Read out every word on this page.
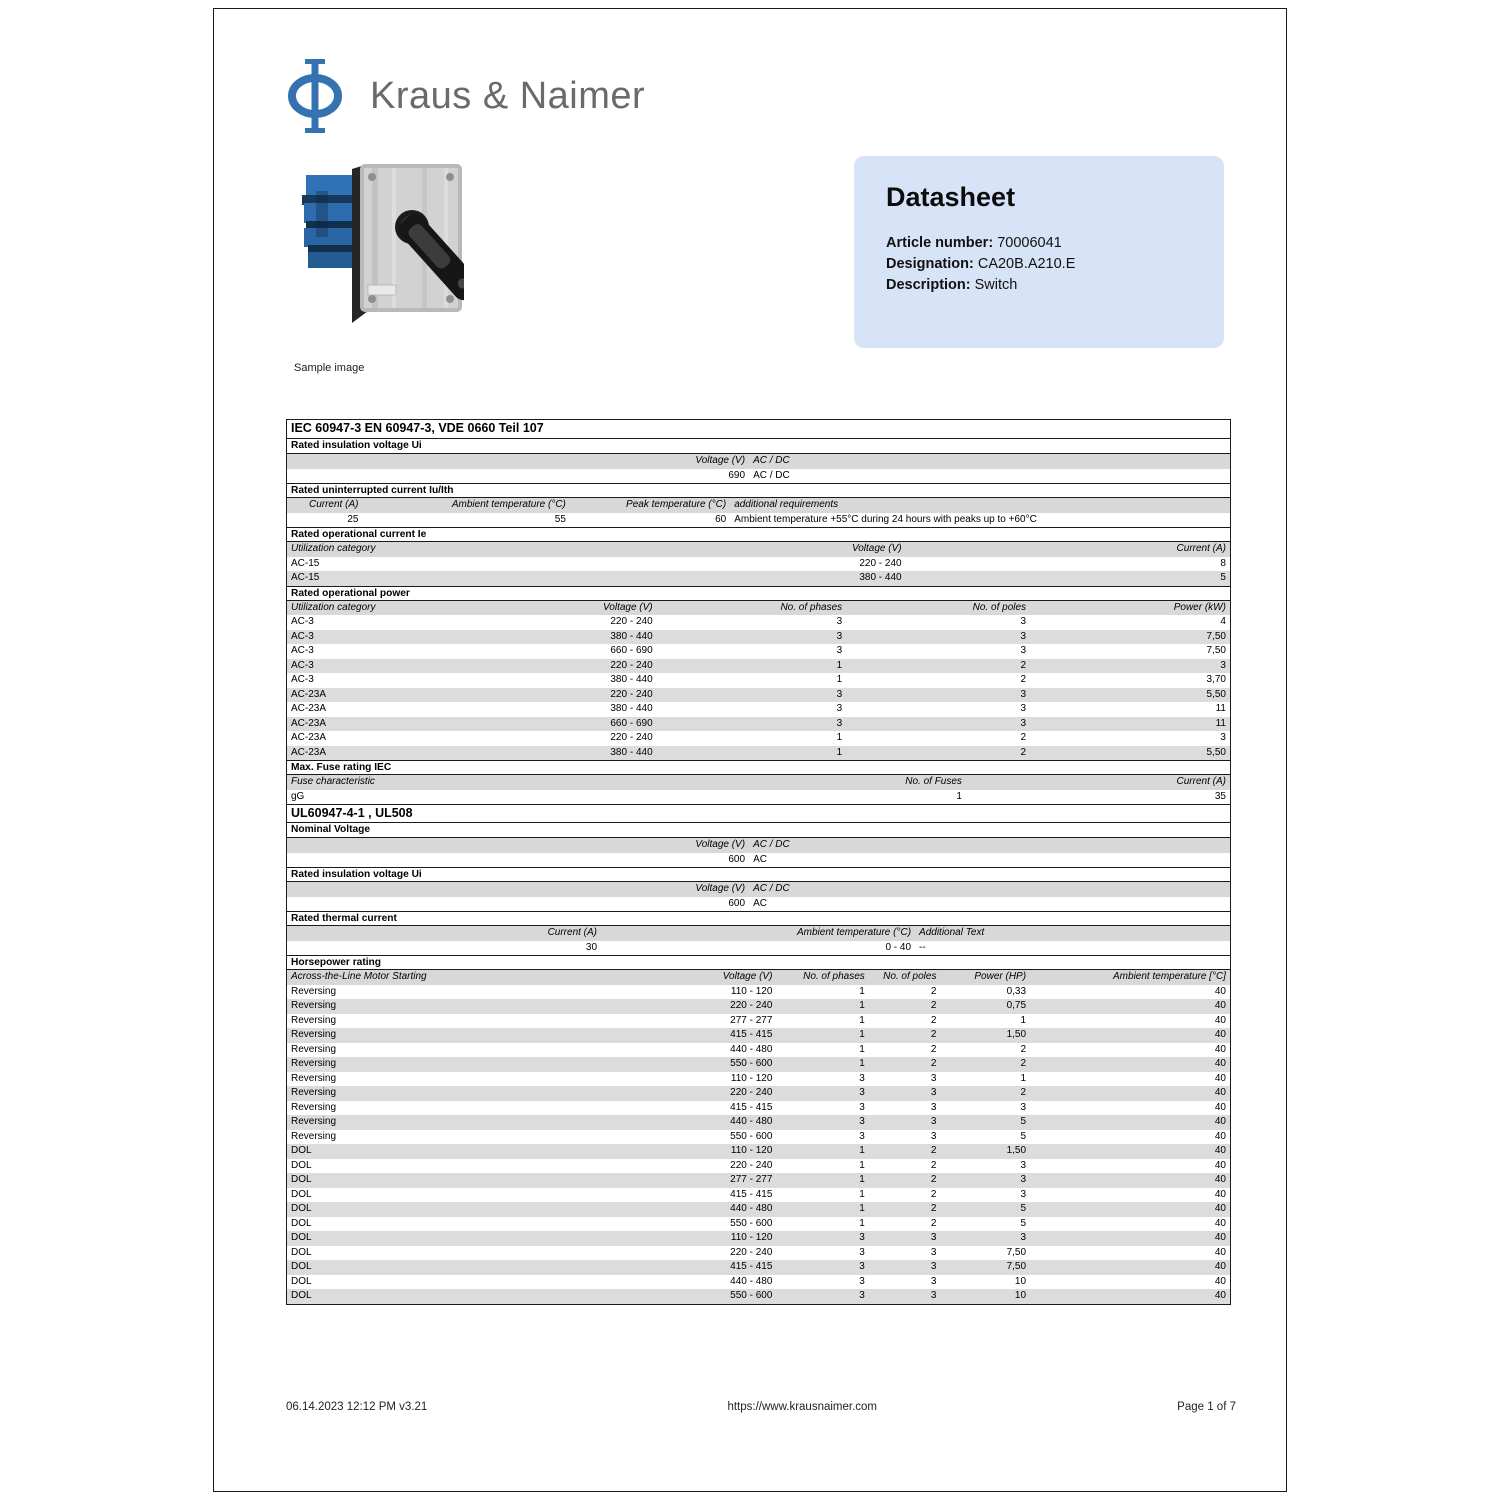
Kraus & Naimer
Sample image
Datasheet
Article number: 70006041
Designation: CA20B.A210.E
Description: Switch
IEC 60947-3 EN 60947-3, VDE 0660 Teil 107
Rated insulation voltage Ui
Voltage (V) AC / DC
690 AC / DC
Rated uninterrupted current Iu/Ith
Current (A)	Ambient temperature (°C)	Peak temperature (°C) additional requirements
25	55	60 Ambient temperature +55°C during 24 hours with peaks up to +60°C
Rated operational current Ie
Utilization category	Voltage (V)	Current (A)
AC-15	220 - 240	8
AC-15	380 - 440	5
Rated operational power
Utilization category	Voltage (V)	No. of phases	No. of poles	Power (kW)
AC-3	220 - 240	3	3	4
AC-3	380 - 440	3	3	7,50
AC-3	660 - 690	3	3	7,50
AC-3	220 - 240	1	2	3
AC-3	380 - 440	1	2	3,70
AC-23A	220 - 240	3	3	5,50
AC-23A	380 - 440	3	3	11
AC-23A	660 - 690	3	3	11
AC-23A	220 - 240	1	2	3
AC-23A	380 - 440	1	2	5,50
Max. Fuse rating IEC
Fuse characteristic	No. of Fuses	Current (A)
gG	1	35
UL60947-4-1 , UL508
Nominal Voltage
Voltage (V) AC / DC
600 AC
Rated insulation voltage Ui
Voltage (V) AC / DC
600 AC
Rated thermal current
Current (A)	Ambient temperature (°C) Additional Text
30	0 - 40 --
Horsepower rating
Across-the-Line Motor Starting	Voltage (V)	No. of phases	No. of poles	Power (HP)	Ambient temperature [°C]
Reversing	110 - 120	1	2	0,33	40
Reversing	220 - 240	1	2	0,75	40
Reversing	277 - 277	1	2	1	40
Reversing	415 - 415	1	2	1,50	40
Reversing	440 - 480	1	2	2	40
Reversing	550 - 600	1	2	2	40
Reversing	110 - 120	3	3	1	40
Reversing	220 - 240	3	3	2	40
Reversing	415 - 415	3	3	3	40
Reversing	440 - 480	3	3	5	40
Reversing	550 - 600	3	3	5	40
DOL	110 - 120	1	2	1,50	40
DOL	220 - 240	1	2	3	40
DOL	277 - 277	1	2	3	40
DOL	415 - 415	1	2	3	40
DOL	440 - 480	1	2	5	40
DOL	550 - 600	1	2	5	40
DOL	110 - 120	3	3	3	40
DOL	220 - 240	3	3	7,50	40
DOL	415 - 415	3	3	7,50	40
DOL	440 - 480	3	3	10	40
DOL	550 - 600	3	3	10	40
06.14.2023 12:12 PM v3.21	https://www.krausnaimer.com	Page 1 of 7
